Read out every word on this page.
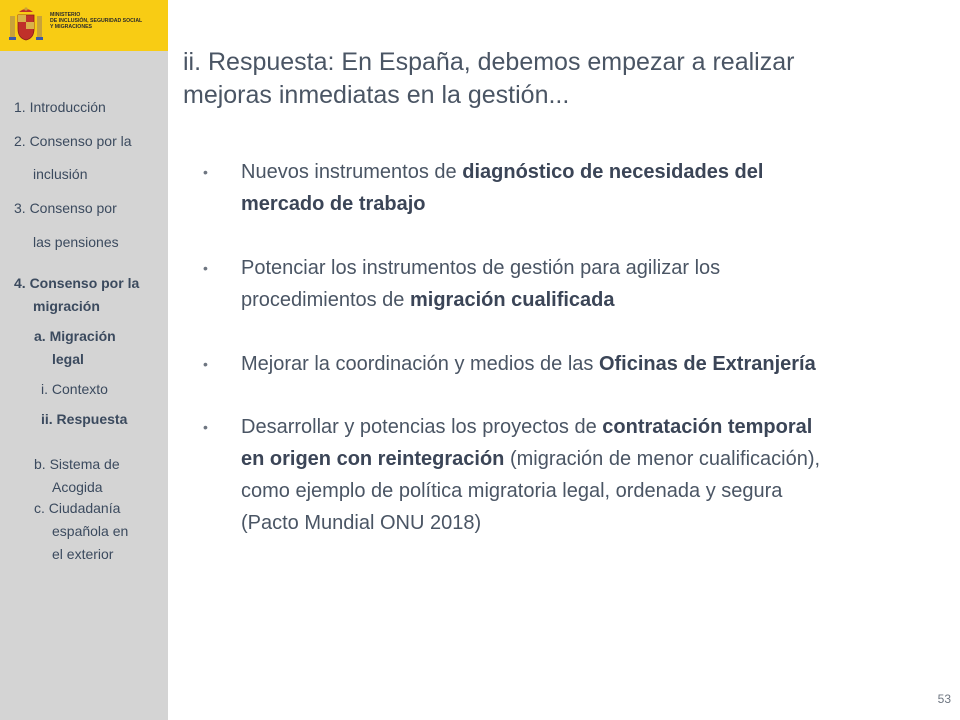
MINISTERIO
DE INCLUSIÓN, SEGURIDAD SOCIAL
Y MIGRACIONES
1. Introducción
2. Consenso por la
inclusión
3. Consenso por
las pensiones
4. Consenso por la
migración
a. Migración
legal
i. Contexto
ii. Respuesta
b. Sistema de
Acogida
c. Ciudadanía
española en
el exterior
ii. Respuesta: En España, debemos empezar a realizar
mejoras inmediatas en la gestión...
•	Nuevos instrumentos de diagnóstico de necesidades del
mercado de trabajo
•	Potenciar los instrumentos de gestión para agilizar los
procedimientos de migración cualificada
•	Mejorar la coordinación y medios de las Oficinas de Extranjería
•	Desarrollar y potencias los proyectos de contratación temporal
en origen con reintegración (migración de menor cualificación),
como ejemplo de política migratoria legal, ordenada y segura
(Pacto Mundial ONU 2018)
53
